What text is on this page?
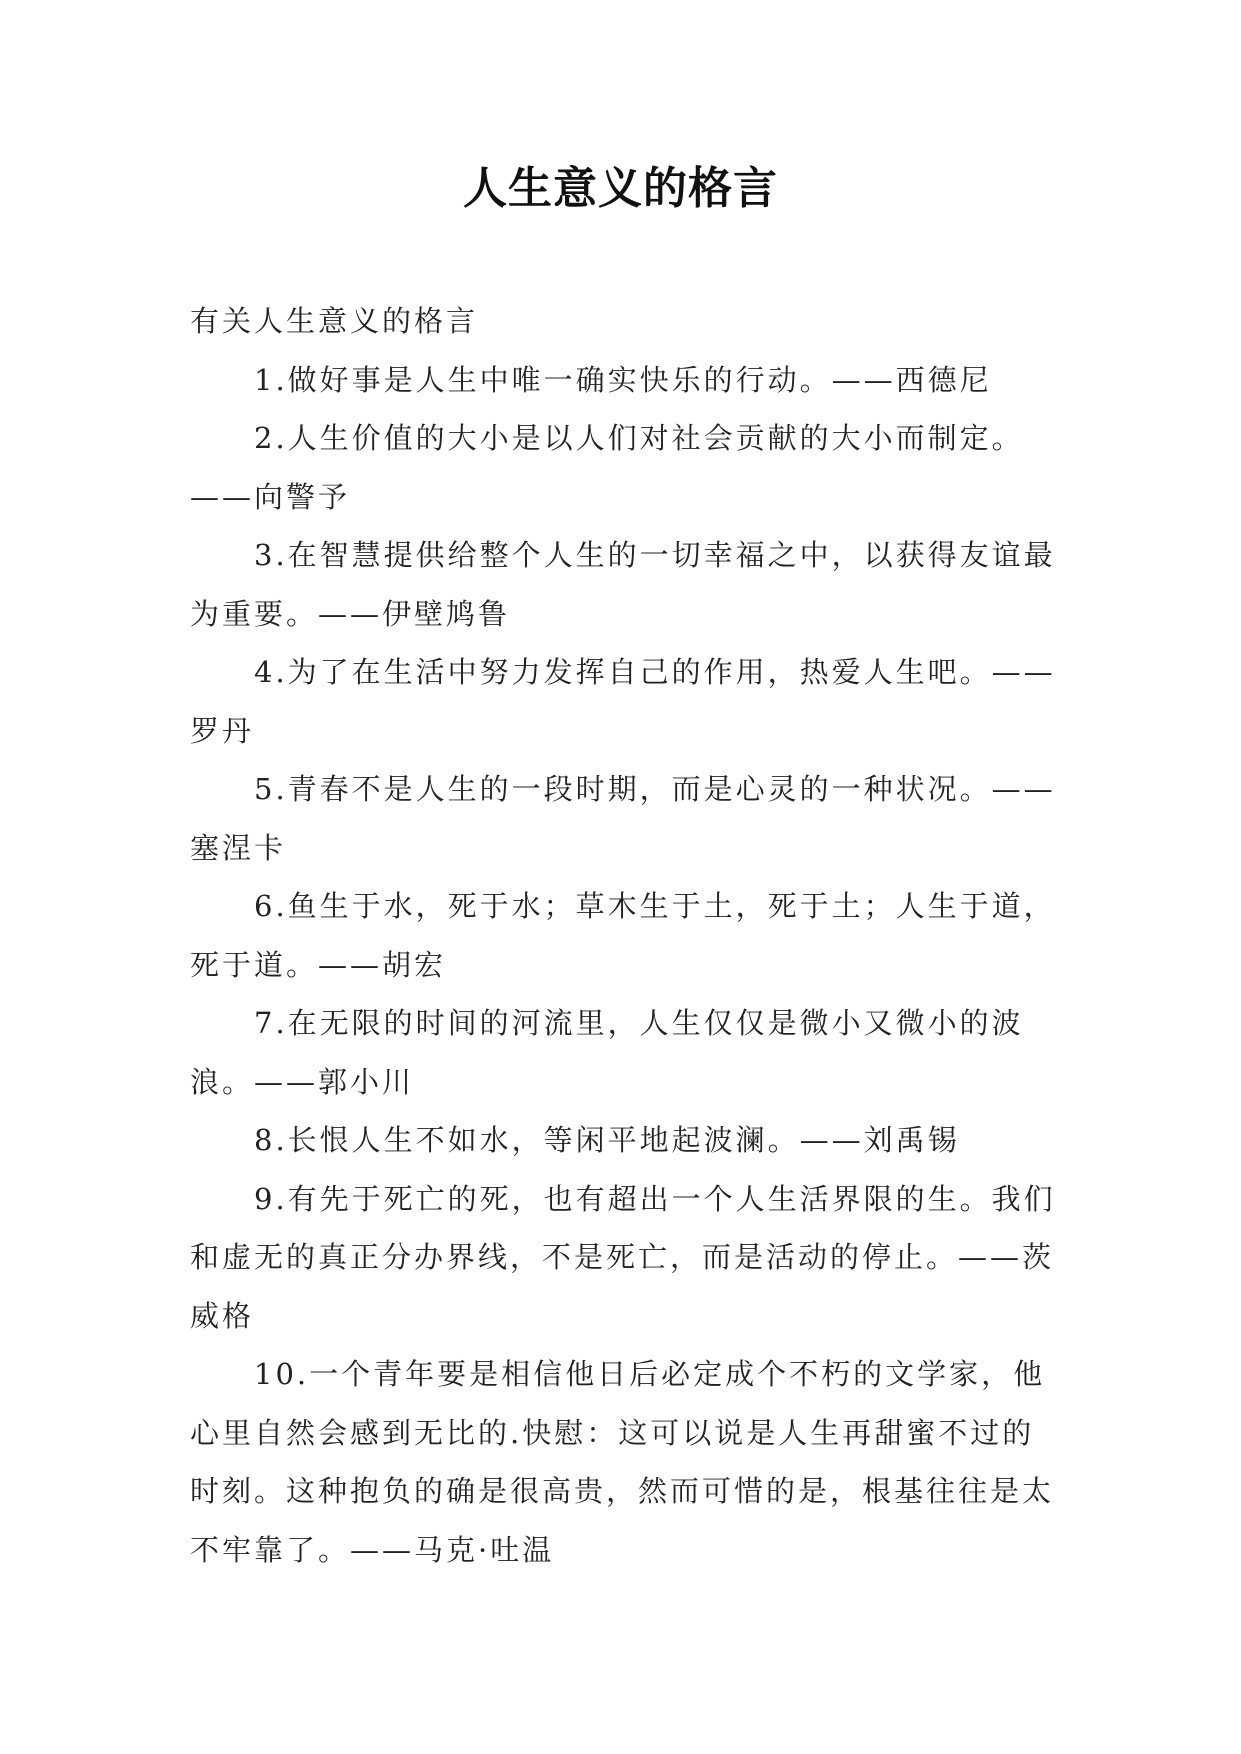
人生意义的格言

有关人生意义的格言

1.做好事是人生中唯一确实快乐的行动。——西德尼

2.人生价值的大小是以人们对社会贡献的大小而制定。——向警予

3.在智慧提供给整个人生的一切幸福之中，以获得友谊最为重要。——伊壁鸠鲁

4.为了在生活中努力发挥自己的作用，热爱人生吧。——罗丹

5.青春不是人生的一段时期，而是心灵的一种状况。——塞涅卡

6.鱼生于水，死于水；草木生于土，死于土；人生于道，死于道。——胡宏

7.在无限的时间的河流里，人生仅仅是微小又微小的波浪。——郭小川

8.长恨人生不如水，等闲平地起波澜。——刘禹锡

9.有先于死亡的死，也有超出一个人生活界限的生。我们和虚无的真正分办界线，不是死亡，而是活动的停止。——茨威格

10.一个青年要是相信他日后必定成个不朽的文学家，他心里自然会感到无比的.快慰：这可以说是人生再甜蜜不过的时刻。这种抱负的确是很高贵，然而可惜的是，根基往往是太不牢靠了。——马克·吐温
